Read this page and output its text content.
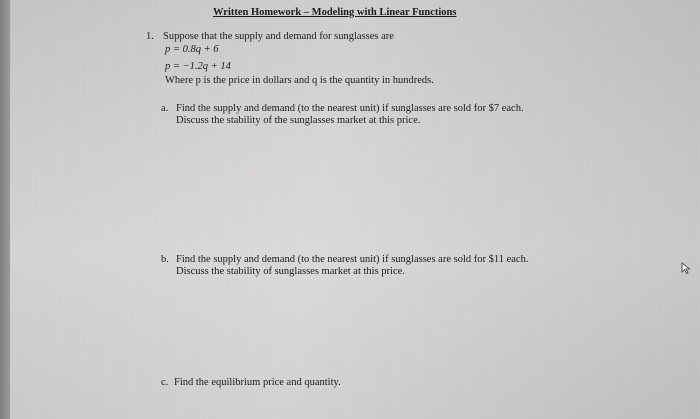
Written Homework – Modeling with Linear Functions

1. Suppose that the supply and demand for sunglasses are

p = 0.8q + 6

p = −1.2q + 14

Where p is the price in dollars and q is the quantity in hundreds.

a. Find the supply and demand (to the nearest unit) if sunglasses are sold for $7 each.

Discuss the stability of the sunglasses market at this price.

b. Find the supply and demand (to the nearest unit) if sunglasses are sold for $11 each.

Discuss the stability of sunglasses market at this price.

c. Find the equilibrium price and quantity.
